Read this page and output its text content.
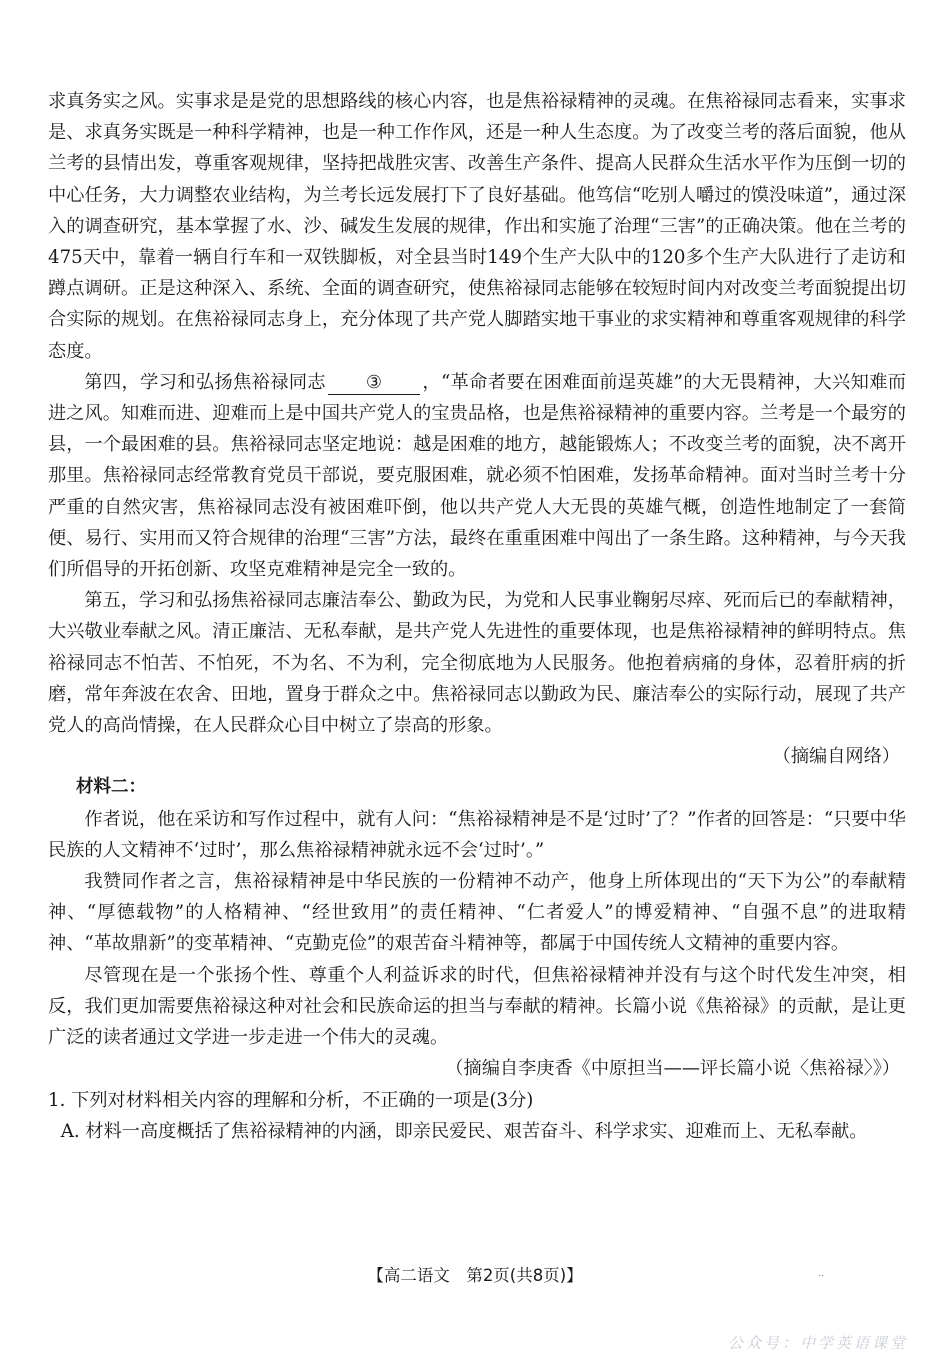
求真务实之风。实事求是是党的思想路线的核心内容，也是焦裕禄精神的灵魂。在焦裕禄同志看来，实事求是、求真务实既是一种科学精神，也是一种工作作风，还是一种人生态度。为了改变兰考的落后面貌，他从兰考的县情出发，尊重客观规律，坚持把战胜灾害、改善生产条件、提高人民群众生活水平作为压倒一切的中心任务，大力调整农业结构，为兰考长远发展打下了良好基础。他笃信“吃别人嚼过的馍没味道”，通过深入的调查研究，基本掌握了水、沙、碱发生发展的规律，作出和实施了治理“三害”的正确决策。他在兰考的475天中，靠着一辆自行车和一双铁脚板，对全县当时149个生产大队中的120多个生产大队进行了走访和蹲点调研。正是这种深入、系统、全面的调查研究，使焦裕禄同志能够在较短时间内对改变兰考面貌提出切合实际的规划。在焦裕禄同志身上，充分体现了共产党人脚踏实地干事业的求实精神和尊重客观规律的科学态度。

第四，学习和弘扬焦裕禄同志 ③ ，“革命者要在困难面前逞英雄”的大无畏精神，大兴知难而进之风。知难而进、迎难而上是中国共产党人的宝贵品格，也是焦裕禄精神的重要内容。兰考是一个最穷的县，一个最困难的县。焦裕禄同志坚定地说：越是困难的地方，越能锻炼人；不改变兰考的面貌，决不离开那里。焦裕禄同志经常教育党员干部说，要克服困难，就必须不怕困难，发扬革命精神。面对当时兰考十分严重的自然灾害，焦裕禄同志没有被困难吓倒，他以共产党人大无畏的英雄气概，创造性地制定了一套简便、易行、实用而又符合规律的治理“三害”方法，最终在重重困难中闯出了一条生路。这种精神，与今天我们所倡导的开拓创新、攻坚克难精神是完全一致的。

第五，学习和弘扬焦裕禄同志廉洁奉公、勤政为民，为党和人民事业鞠躬尽瘁、死而后已的奉献精神，大兴敬业奉献之风。清正廉洁、无私奉献，是共产党人先进性的重要体现，也是焦裕禄精神的鲜明特点。焦裕禄同志不怕苦、不怕死，不为名、不为利，完全彻底地为人民服务。他抱着病痛的身体，忍着肝病的折磨，常年奔波在农舍、田地，置身于群众之中。焦裕禄同志以勤政为民、廉洁奉公的实际行动，展现了共产党人的高尚情操，在人民群众心目中树立了崇高的形象。

（摘编自网络）

材料二：

作者说，他在采访和写作过程中，就有人问：“焦裕禄精神是不是‘过时’了？”作者的回答是：“只要中华民族的人文精神不‘过时’，那么焦裕禄精神就永远不会‘过时’。”

我赞同作者之言，焦裕禄精神是中华民族的一份精神不动产，他身上所体现出的“天下为公”的奉献精神、“厚德载物”的人格精神、“经世致用”的责任精神、“仁者爱人”的博爱精神、“自强不息”的进取精神、“革故鼎新”的变革精神、“克勤克俭”的艰苦奋斗精神等，都属于中国传统人文精神的重要内容。

尽管现在是一个张扬个性、尊重个人利益诉求的时代，但焦裕禄精神并没有与这个时代发生冲突，相反，我们更加需要焦裕禄这种对社会和民族命运的担当与奉献的精神。长篇小说《焦裕禄》的贡献，是让更广泛的读者通过文学进一步走进一个伟大的灵魂。

（摘编自李庚香《中原担当——评长篇小说〈焦裕禄〉》）

1. 下列对材料相关内容的理解和分析，不正确的一项是(3分)

A. 材料一高度概括了焦裕禄精神的内涵，即亲民爱民、艰苦奋斗、科学求实、迎难而上、无私奉献。

【高二语文　第2页(共8页)】	..
公众号：中学英语课堂
